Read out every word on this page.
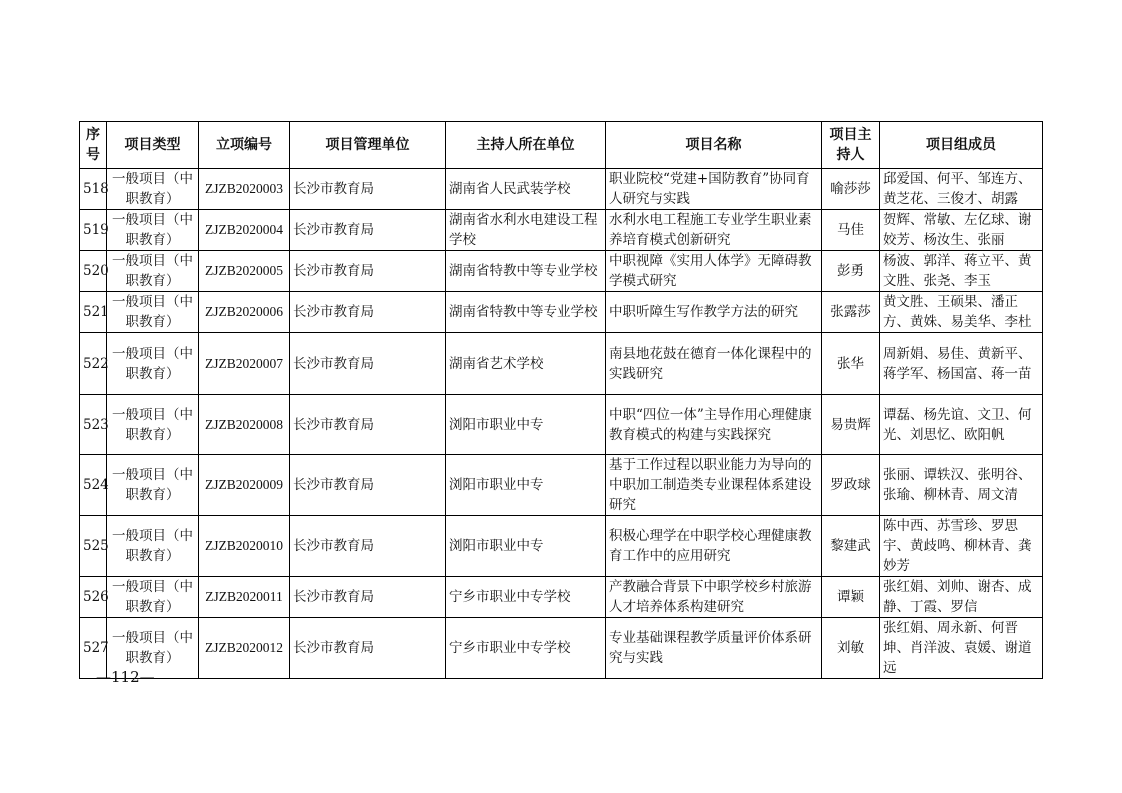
序号	项目类型	立项编号	项目管理单位	主持人所在单位	项目名称	项目主持人	项目组成员
518	一般项目（中职教育）	ZJZB2020003	长沙市教育局	湖南省人民武装学校	职业院校“党建+国防教育”协同育人研究与实践	喻莎莎	邱爱国、何平、邹连方、黄芝花、三俊才、胡露
519	一般项目（中职教育）	ZJZB2020004	长沙市教育局	湖南省水利水电建设工程学校	水利水电工程施工专业学生职业素养培育模式创新研究	马佳	贺辉、常敏、左亿球、谢姣芳、杨汝生、张丽
520	一般项目（中职教育）	ZJZB2020005	长沙市教育局	湖南省特教中等专业学校	中职视障《实用人体学》无障碍教学模式研究	彭勇	杨波、郭洋、蒋立平、黄文胜、张尧、李玉
521	一般项目（中职教育）	ZJZB2020006	长沙市教育局	湖南省特教中等专业学校	中职听障生写作教学方法的研究	张露莎	黄文胜、王硕果、潘正方、黄姝、易美华、李杜
522	一般项目（中职教育）	ZJZB2020007	长沙市教育局	湖南省艺术学校	南县地花鼓在德育一体化课程中的实践研究	张华	周新娟、易佳、黄新平、蒋学军、杨国富、蒋一苗
523	一般项目（中职教育）	ZJZB2020008	长沙市教育局	浏阳市职业中专	中职“四位一体”主导作用心理健康教育模式的构建与实践探究	易贵辉	谭磊、杨先谊、文卫、何光、刘思忆、欧阳帆
524	一般项目（中职教育）	ZJZB2020009	长沙市教育局	浏阳市职业中专	基于工作过程以职业能力为导向的中职加工制造类专业课程体系建设研究	罗政球	张丽、谭轶汉、张明谷、张瑜、柳林青、周文清
525	一般项目（中职教育）	ZJZB2020010	长沙市教育局	浏阳市职业中专	积极心理学在中职学校心理健康教育工作中的应用研究	黎建武	陈中西、苏雪珍、罗思宇、黄歧鸣、柳林青、龚妙芳
526	一般项目（中职教育）	ZJZB2020011	长沙市教育局	宁乡市职业中专学校	产教融合背景下中职学校乡村旅游人才培养体系构建研究	谭颖	张红娟、刘帅、谢杏、成静、丁霞、罗信
527	一般项目（中职教育）	ZJZB2020012	长沙市教育局	宁乡市职业中专学校	专业基础课程教学质量评价体系研究与实践	刘敏	张红娟、周永新、何晋坤、肖洋波、袁媛、谢道远
—112—
